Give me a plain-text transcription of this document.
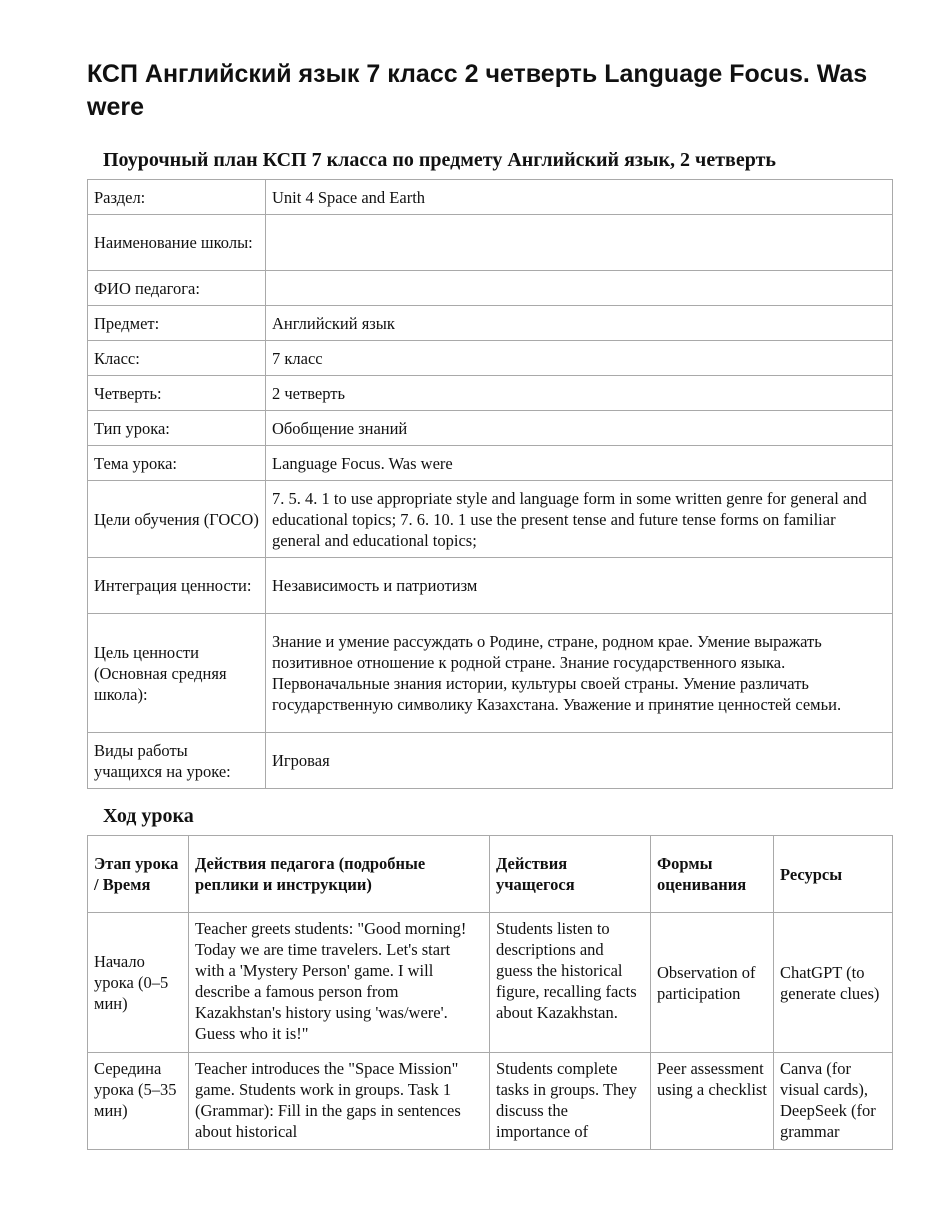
КСП Английский язык 7 класс 2 четверть Language Focus. Was were
Поурочный план КСП 7 класса по предмету Английский язык, 2 четверть
Раздел:	Unit 4 Space and Earth
Наименование школы:	
ФИО педагога:	
Предмет:	Английский язык
Класс:	7 класс
Четверть:	2 четверть
Тип урока:	Обобщение знаний
Тема урока:	Language Focus. Was were
Цели обучения (ГОСО)	7. 5. 4. 1 to use appropriate style and language form in some written genre for general and educational topics; 7. 6. 10. 1 use the present tense and future tense forms on familiar general and educational topics;
Интеграция ценности:	Независимость и патриотизм
Цель ценности (Основная средняя школа):	Знание и умение рассуждать о Родине, стране, родном крае. Умение выражать позитивное отношение к родной стране. Знание государственного языка. Первоначальные знания истории, культуры своей страны. Умение различать государственную символику Казахстана. Уважение и принятие ценностей семьи.
Виды работы учащихся на уроке:	Игровая
Ход урока
Этап урока / Время	Действия педагога (подробные реплики и инструкции)	Действия учащегося	Формы оценивания	Ресурсы
Начало урока (0–5 мин)	Teacher greets students: "Good morning! Today we are time travelers. Let's start with a 'Mystery Person' game. I will describe a famous person from Kazakhstan's history using 'was/were'. Guess who it is!"	Students listen to descriptions and guess the historical figure, recalling facts about Kazakhstan.	Observation of participation	ChatGPT (to generate clues)
Середина урока (5–35 мин)	Teacher introduces the "Space Mission" game. Students work in groups. Task 1 (Grammar): Fill in the gaps in sentences about historical	Students complete tasks in groups. They discuss the importance of	Peer assessment using a checklist	Canva (for visual cards), DeepSeek (for grammar
